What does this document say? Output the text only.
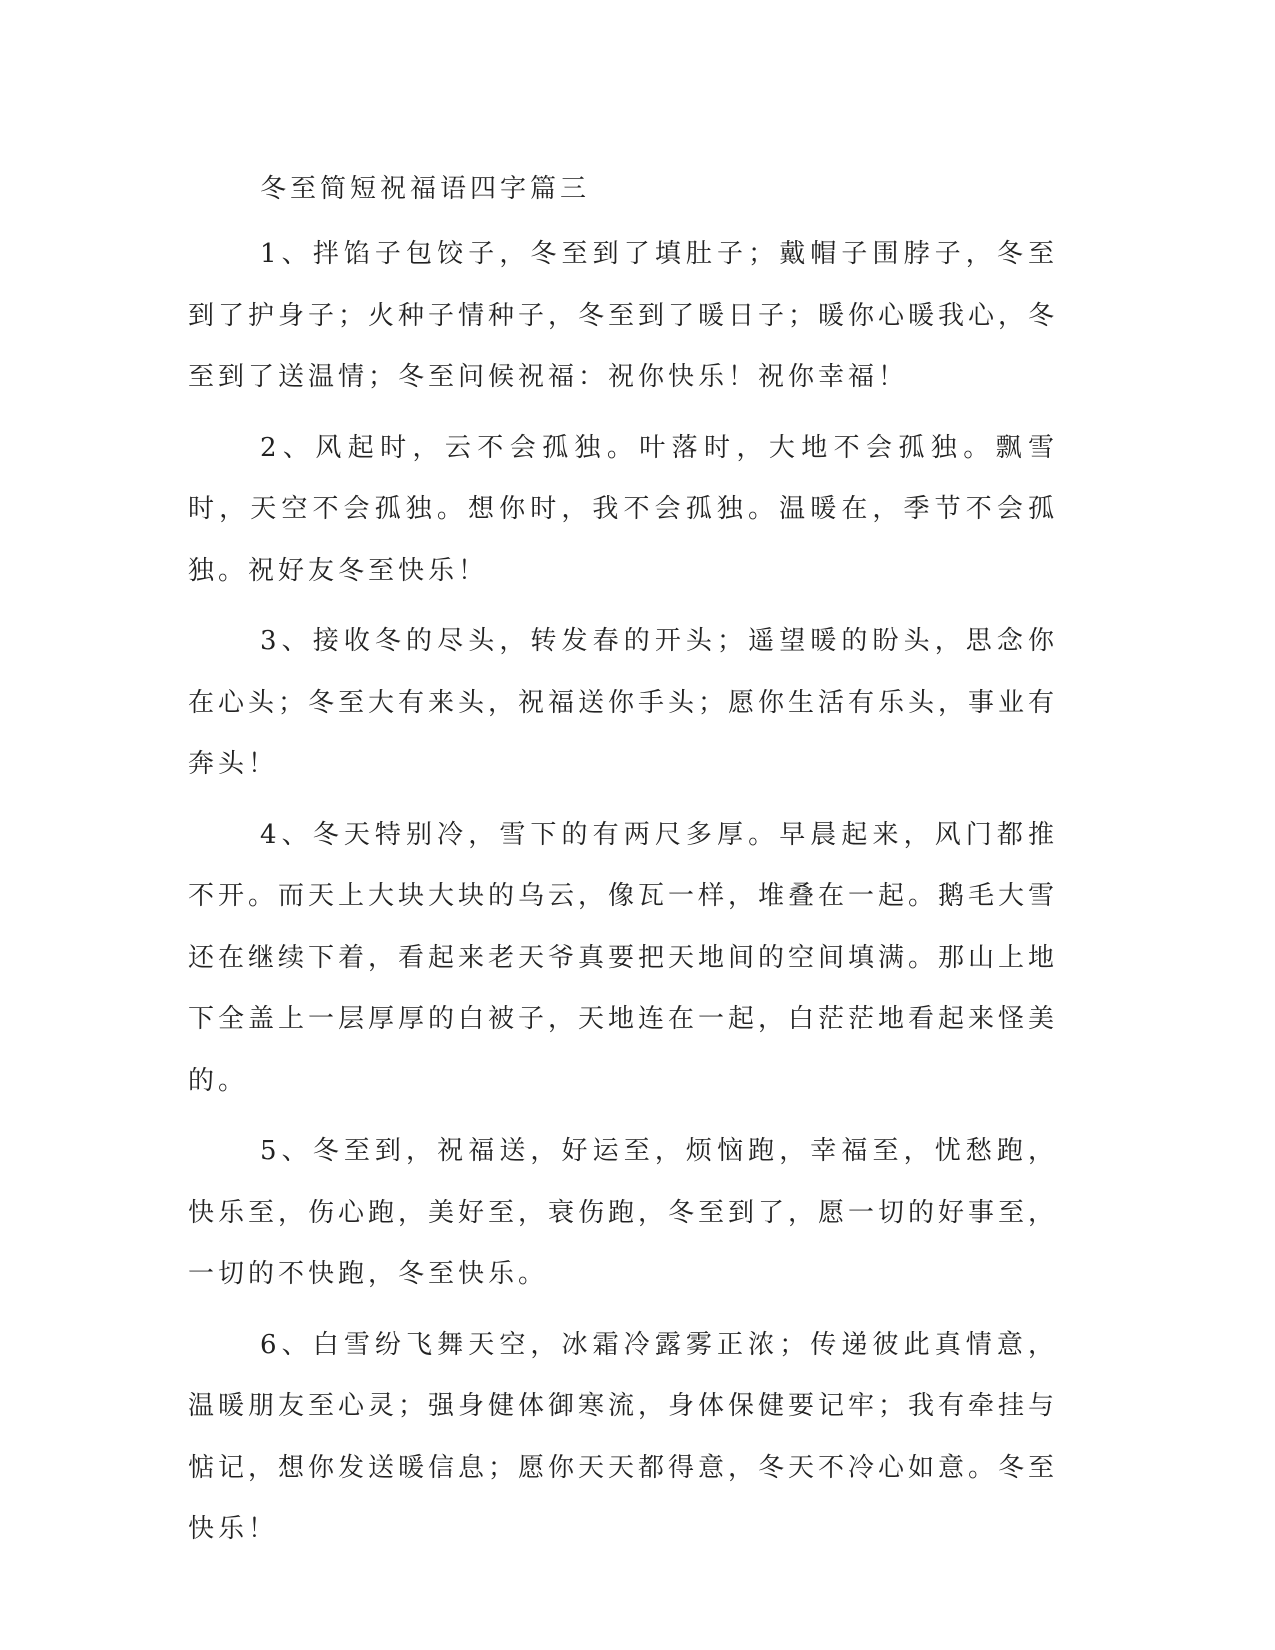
冬至简短祝福语四字篇三

1、拌馅子包饺子，冬至到了填肚子；戴帽子围脖子，冬至到了护身子；火种子情种子，冬至到了暖日子；暖你心暖我心，冬至到了送温情；冬至问候祝福：祝你快乐！祝你幸福！

2、风起时，云不会孤独。叶落时，大地不会孤独。飘雪时，天空不会孤独。想你时，我不会孤独。温暖在，季节不会孤独。祝好友冬至快乐！

3、接收冬的尽头，转发春的开头；遥望暖的盼头，思念你在心头；冬至大有来头，祝福送你手头；愿你生活有乐头，事业有奔头！

4、冬天特别冷，雪下的有两尺多厚。早晨起来，风门都推不开。而天上大块大块的乌云，像瓦一样，堆叠在一起。鹅毛大雪还在继续下着，看起来老天爷真要把天地间的空间填满。那山上地下全盖上一层厚厚的白被子，天地连在一起，白茫茫地看起来怪美的。

5、冬至到，祝福送，好运至，烦恼跑，幸福至，忧愁跑，快乐至，伤心跑，美好至，衰伤跑，冬至到了，愿一切的好事至，一切的不快跑，冬至快乐。

6、白雪纷飞舞天空，冰霜冷露雾正浓；传递彼此真情意，温暖朋友至心灵；强身健体御寒流，身体保健要记牢；我有牵挂与惦记，想你发送暖信息；愿你天天都得意，冬天不冷心如意。冬至快乐！
